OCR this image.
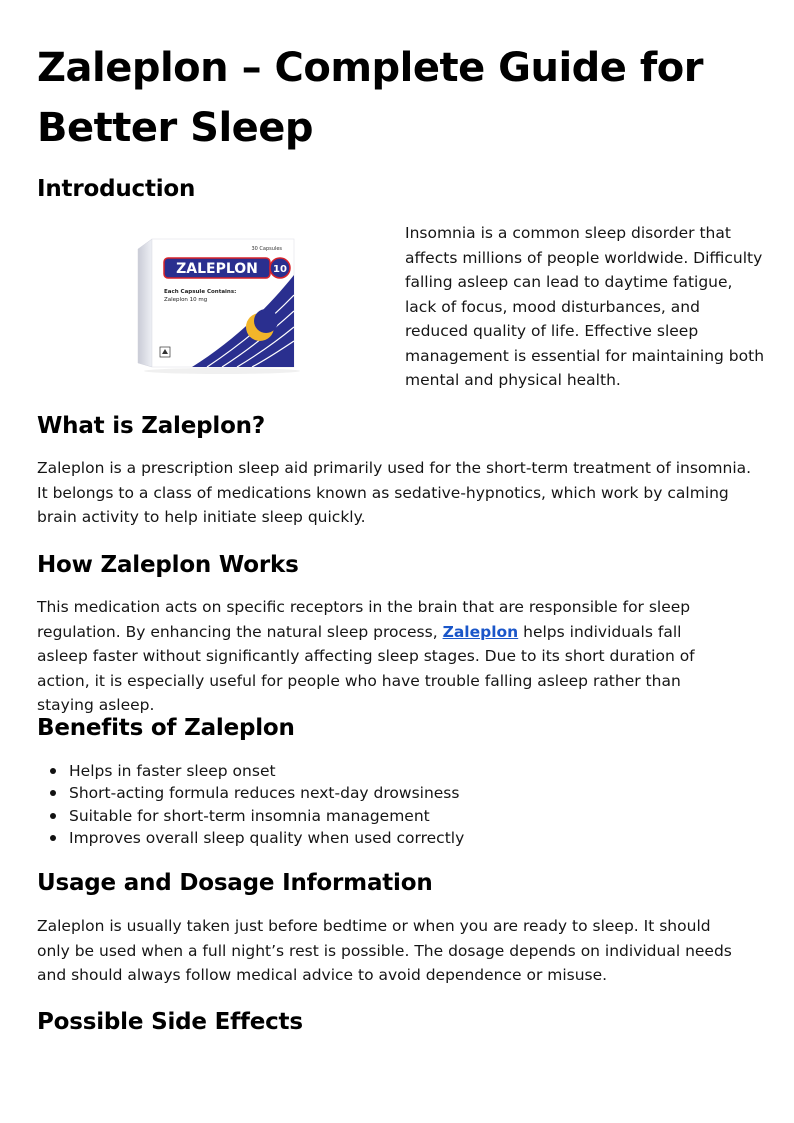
Zaleplon – Complete Guide for Better Sleep
Introduction
30 Capsules
ZALEPLON 10
Each Capsule Contains:
Zaleplon 10 mg

Insomnia is a common sleep disorder that affects millions of people worldwide. Difficulty falling asleep can lead to daytime fatigue, lack of focus, mood disturbances, and reduced quality of life. Effective sleep management is essential for maintaining both mental and physical health.

What is Zaleplon?

Zaleplon is a prescription sleep aid primarily used for the short-term treatment of insomnia. It belongs to a class of medications known as sedative-hypnotics, which work by calming brain activity to help initiate sleep quickly.

How Zaleplon Works

This medication acts on specific receptors in the brain that are responsible for sleep regulation. By enhancing the natural sleep process, Zaleplon helps individuals fall asleep faster without significantly affecting sleep stages. Due to its short duration of action, it is especially useful for people who have trouble falling asleep rather than staying asleep.

Benefits of Zaleplon
Helps in faster sleep onset
Short-acting formula reduces next-day drowsiness
Suitable for short-term insomnia management
Improves overall sleep quality when used correctly
Usage and Dosage Information

Zaleplon is usually taken just before bedtime or when you are ready to sleep. It should only be used when a full night’s rest is possible. The dosage depends on individual needs and should always follow medical advice to avoid dependence or misuse.

Possible Side Effects
